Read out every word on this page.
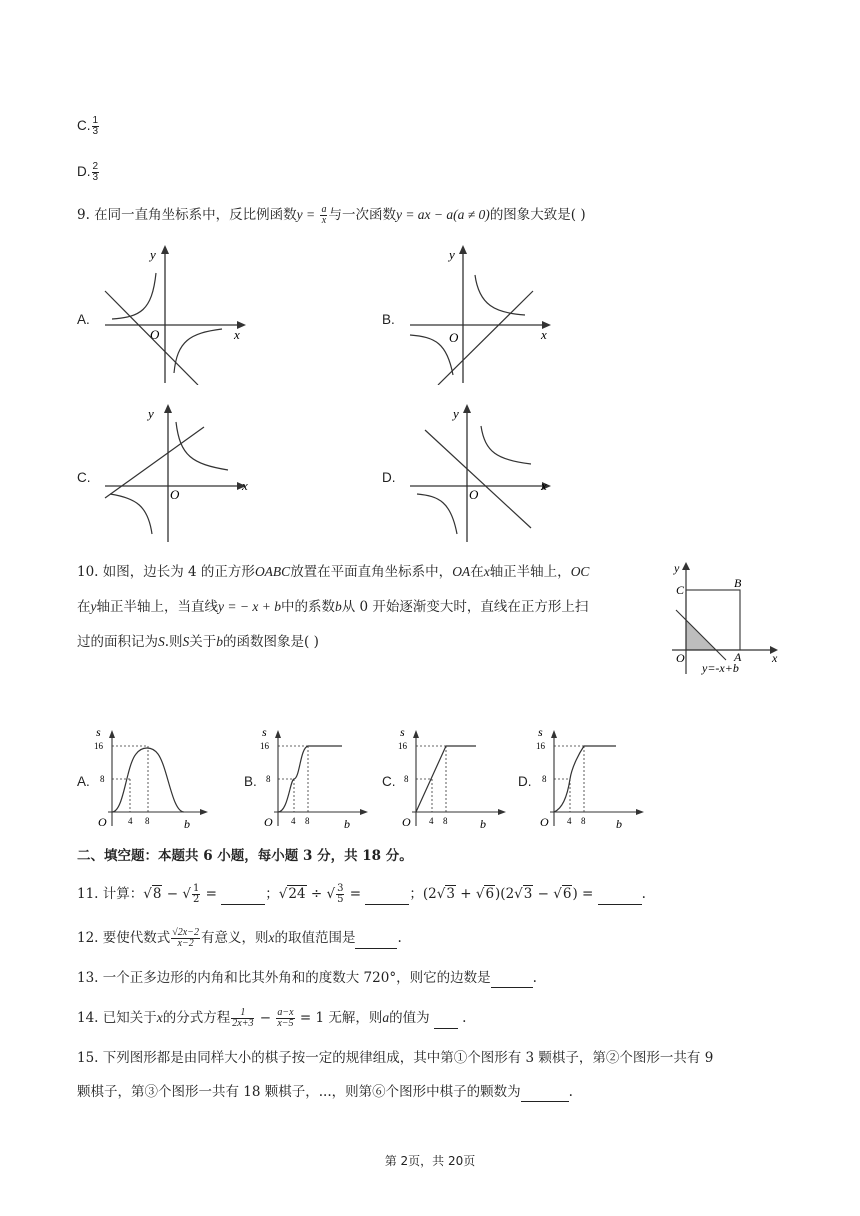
C. $\frac{1}{3}$
D. $\frac{2}{3}$
9. 在同一直角坐标系中，反比例函数$y = \frac{a}{x}$ 与一次函数y = ax − a(a ≠ 0)的图象大致是( )
A.	B.
C.	D.
y
x
O
y
x
O
y
x
O
y
x
O
10. 如图，边长为 4 的正方形OABC放置在平面直角坐标系中，OA在x轴正半轴上，OC
在y轴正半轴上，当直线y = − x + b中的系数b从 0 开始逐渐变大时，直线在正方形上扫
过的面积记为S.则S关于b的函数图象是( )
y
C	B
O	A	x
y=-x+b
A.	B.	C.	D.
s
16
8
O 4 8	b
s
16
8
O 4 8	b
s
16
8
O 4 8	b
s
16
8
O 4 8	b
二、填空题：本题共 6 小题，每小题 3 分，共 18 分。
11. 计算：√8 − √ $\frac{1}{2}$ =	；√24 ÷ √ $\frac{3}{5}$ =	；(2√3 + √6)(2√3 − √6) =	.
12. 要使代数式 $\frac{√2x-2}{x-2}$ 有意义，则x的取值范围是	.
13. 一个正多边形的内角和比其外角和的度数大 720°，则它的边数是	.
14. 已知关于x的分式方程 $\frac{1}{2x+3} - \frac{a-x}{x-5} = 1$ 无解，则a的值为 .
15. 下列图形都是由同样大小的棋子按一定的规律组成，其中第①个图形有 3 颗棋子，第②个图形一共有 9
颗棋子，第③个图形一共有 18 颗棋子，...，则第⑥个图形中棋子的颗数为	.
第 2页，共 20页
